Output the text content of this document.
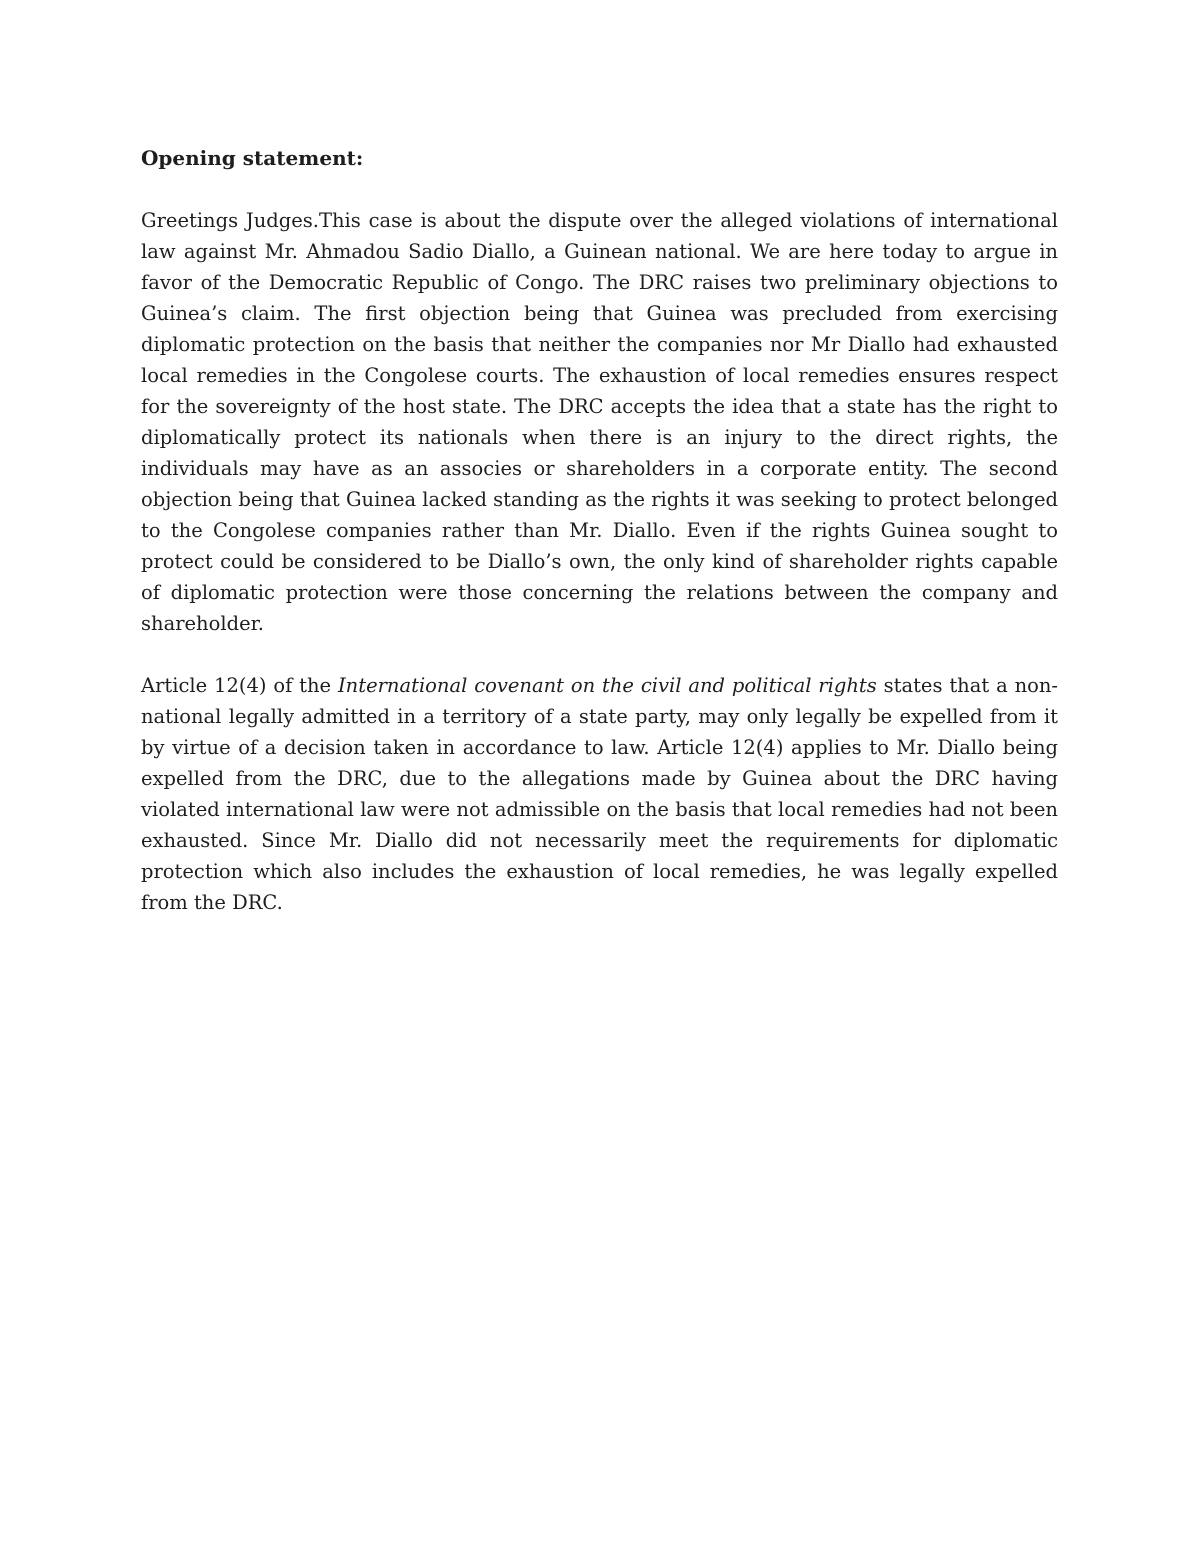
Opening statement:

Greetings Judges.This case is about the dispute over the alleged violations of international law against Mr. Ahmadou Sadio Diallo, a Guinean national. We are here today to argue in favor of the Democratic Republic of Congo. The DRC raises two preliminary objections to Guinea’s claim. The first objection being that Guinea was precluded from exercising diplomatic protection on the basis that neither the companies nor Mr Diallo had exhausted local remedies in the Congolese courts. The exhaustion of local remedies ensures respect for the sovereignty of the host state. The DRC accepts the idea that a state has the right to diplomatically protect its nationals when there is an injury to the direct rights, the individuals may have as an associes or shareholders in a corporate entity. The second objection being that Guinea lacked standing as the rights it was seeking to protect belonged to the Congolese companies rather than Mr. Diallo. Even if the rights Guinea sought to protect could be considered to be Diallo’s own, the only kind of shareholder rights capable of diplomatic protection were those concerning the relations between the company and shareholder.

Article 12(4) of the International covenant on the civil and political rights states that a non-national legally admitted in a territory of a state party, may only legally be expelled from it by virtue of a decision taken in accordance to law. Article 12(4) applies to Mr. Diallo being expelled from the DRC, due to the allegations made by Guinea about the DRC having violated international law were not admissible on the basis that local remedies had not been exhausted. Since Mr. Diallo did not necessarily meet the requirements for diplomatic protection which also includes the exhaustion of local remedies, he was legally expelled from the DRC.
